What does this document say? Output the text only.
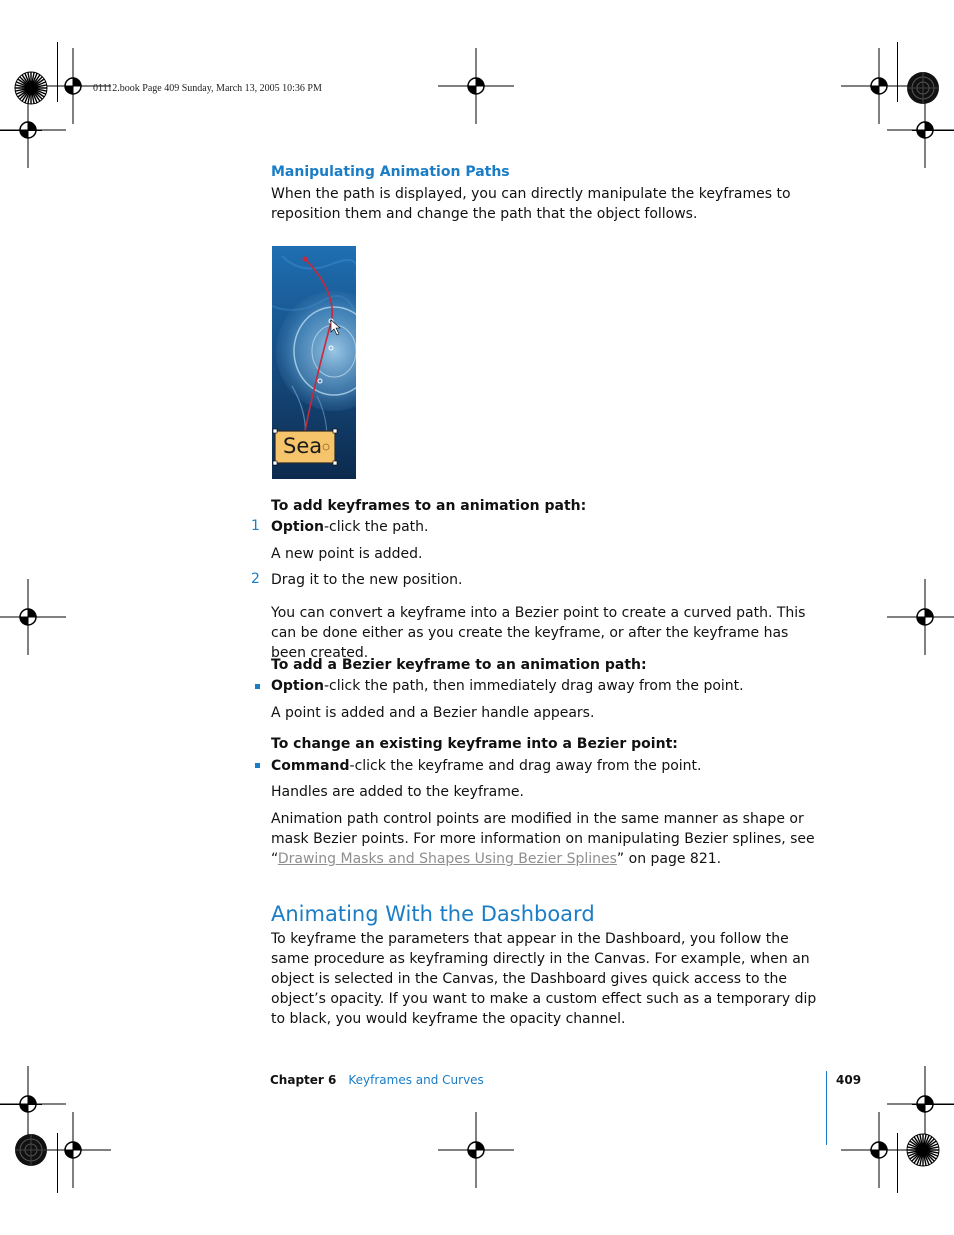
01112.book Page 409 Sunday, March 13, 2005 10:36 PM
Manipulating Animation Paths
When the path is displayed, you can directly manipulate the keyframes to reposition them and change the path that the object follows.
Sea
To add keyframes to an animation path:
1 Option-click the path.
A new point is added.
2 Drag it to the new position.
You can convert a keyframe into a Bezier point to create a curved path. This can be done either as you create the keyframe, or after the keyframe has been created.
To add a Bezier keyframe to an animation path:
Option-click the path, then immediately drag away from the point.
A point is added and a Bezier handle appears.
To change an existing keyframe into a Bezier point:
Command-click the keyframe and drag away from the point.
Handles are added to the keyframe.
Animation path control points are modified in the same manner as shape or mask Bezier points. For more information on manipulating Bezier splines, see “Drawing Masks and Shapes Using Bezier Splines” on page 821.
Animating With the Dashboard
To keyframe the parameters that appear in the Dashboard, you follow the same procedure as keyframing directly in the Canvas. For example, when an object is selected in the Canvas, the Dashboard gives quick access to the object’s opacity. If you want to make a custom effect such as a temporary dip to black, you would keyframe the opacity channel.
Chapter 6 Keyframes and Curves	409
